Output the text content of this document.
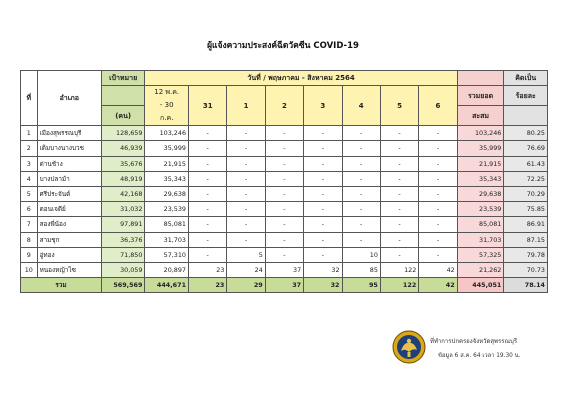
ผู้แจ้งความประสงค์ฉีดวัคซีน COVID-19
ที่	อำเภอ	เป้าหมาย	วันที่ / พฤษภาคม - สิงหาคม 2564									คิดเป็น

			12 พ.ค.
- 30
ก.ค.	31	1	2	3	4	5	6	รวมยอด	ร้อยละ
		(คน)									สะสม	
1	เมืองสุพรรณบุรี	128,659	103,246	-	-	-	-	-	-	-	103,246	80.25
2	เดิมบางนางบวช	46,939	35,999	-	-	-	-	-	-	-	35,999	76.69
3	ด่านช้าง	35,676	21,915	-	-	-	-	-	-	-	21,915	61.43
4	บางปลาม้า	48,919	35,343	-	-	-	-	-	-	-	35,343	72.25
5	ศรีประจันต์	42,168	29,638	-	-	-	-	-	-	-	29,638	70.29
6	ดอนเจดีย์	31,032	23,539	-	-	-	-	-	-	-	23,539	75.85
7	สองพี่น้อง	97,891	85,081	-	-	-	-	-	-	-	85,081	86.91
8	สามชุก	36,376	31,703	-	-	-	-	-	-	-	31,703	87.15
9	อู่ทอง	71,850	57,310	-	5	-	-	10	-	-	57,325	79.78
10	หนองหญ้าไซ	30,059	20,897	23	24	37	32	85	122	42	21,262	70.73
รวม		569,569	444,671	23	29	37	32	95	122	42	445,051	78.14
ที่ทำการปกครองจังหวัดสุพรรณบุรี
ข้อมูล 6 ส.ค. 64 เวลา 19.30 น.
